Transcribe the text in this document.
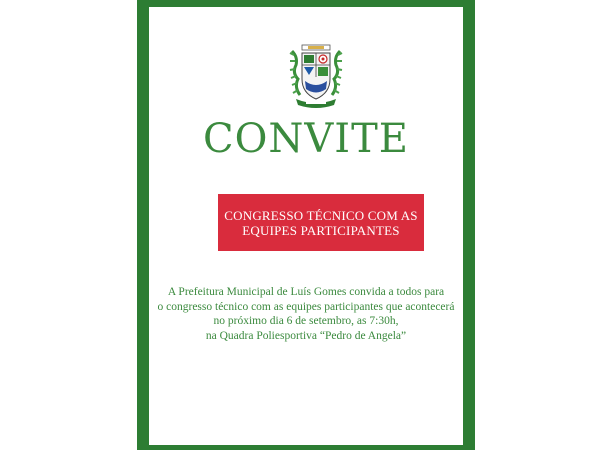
CONVITE
CONGRESSO TÉCNICO COM AS
EQUIPES PARTICIPANTES
A Prefeitura Municipal de Luís Gomes convida a todos para
o congresso técnico com as equipes participantes que acontecerá
no próximo dia 6 de setembro, as 7:30h,
na Quadra Poliesportiva “Pedro de Angela”
